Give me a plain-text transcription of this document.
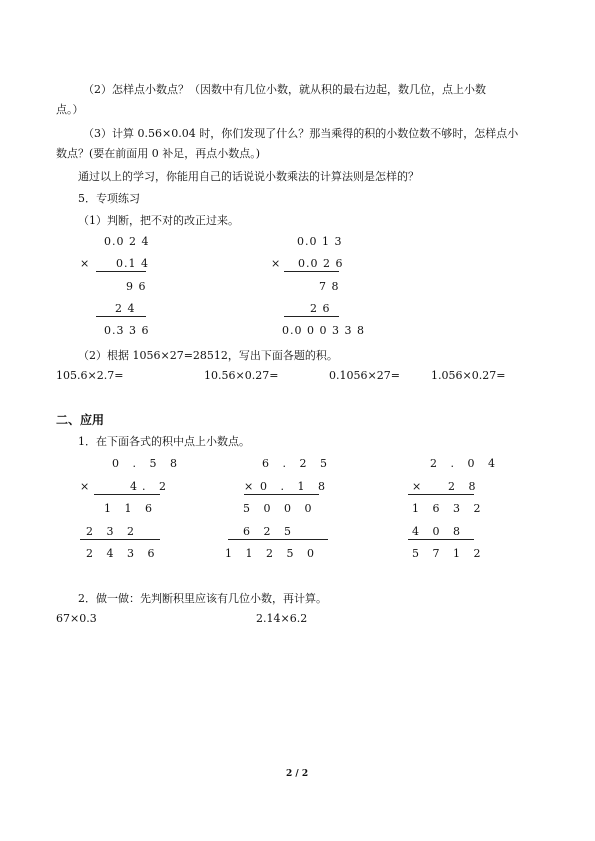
（2）怎样点小数点？（因数中有几位小数，就从积的最右边起，数几位，点上小数
点。）
（3）计算 0.56×0.04 时，你们发现了什么？那当乘得的积的小数位数不够时，怎样点小
数点？(要在前面用 0 补足，再点小数点。)
通过以上的学习，你能用自己的话说说小数乘法的计算法则是怎样的？
5．专项练习
（1）判断，把不对的改正过来。
0.0 2 4
× 0.1 4
9 6
2 4
0.3 3 6
0.0 1 3
× 0.0 2 6
7 8
2 6
0.0 0 0 3 3 8
（2）根据 1056×27=28512，写出下面各题的积。
105.6×2.7=	10.56×0.27=	0.1056×27=	1.056×0.27=
二、应用
1．在下面各式的积中点上小数点。
0 . 5 8
×	4. 2
1 1 6
2 3 2
2 4 3 6
6 . 2 5
× 0 . 1 8
5 0 0 0
6 2 5
1 1 2 5 0
2 . 0 4
× 2 8
1 6 3 2
4 0 8
5 7 1 2
2．做一做：先判断积里应该有几位小数，再计算。
67×0.3	2.14×6.2
2 / 2
